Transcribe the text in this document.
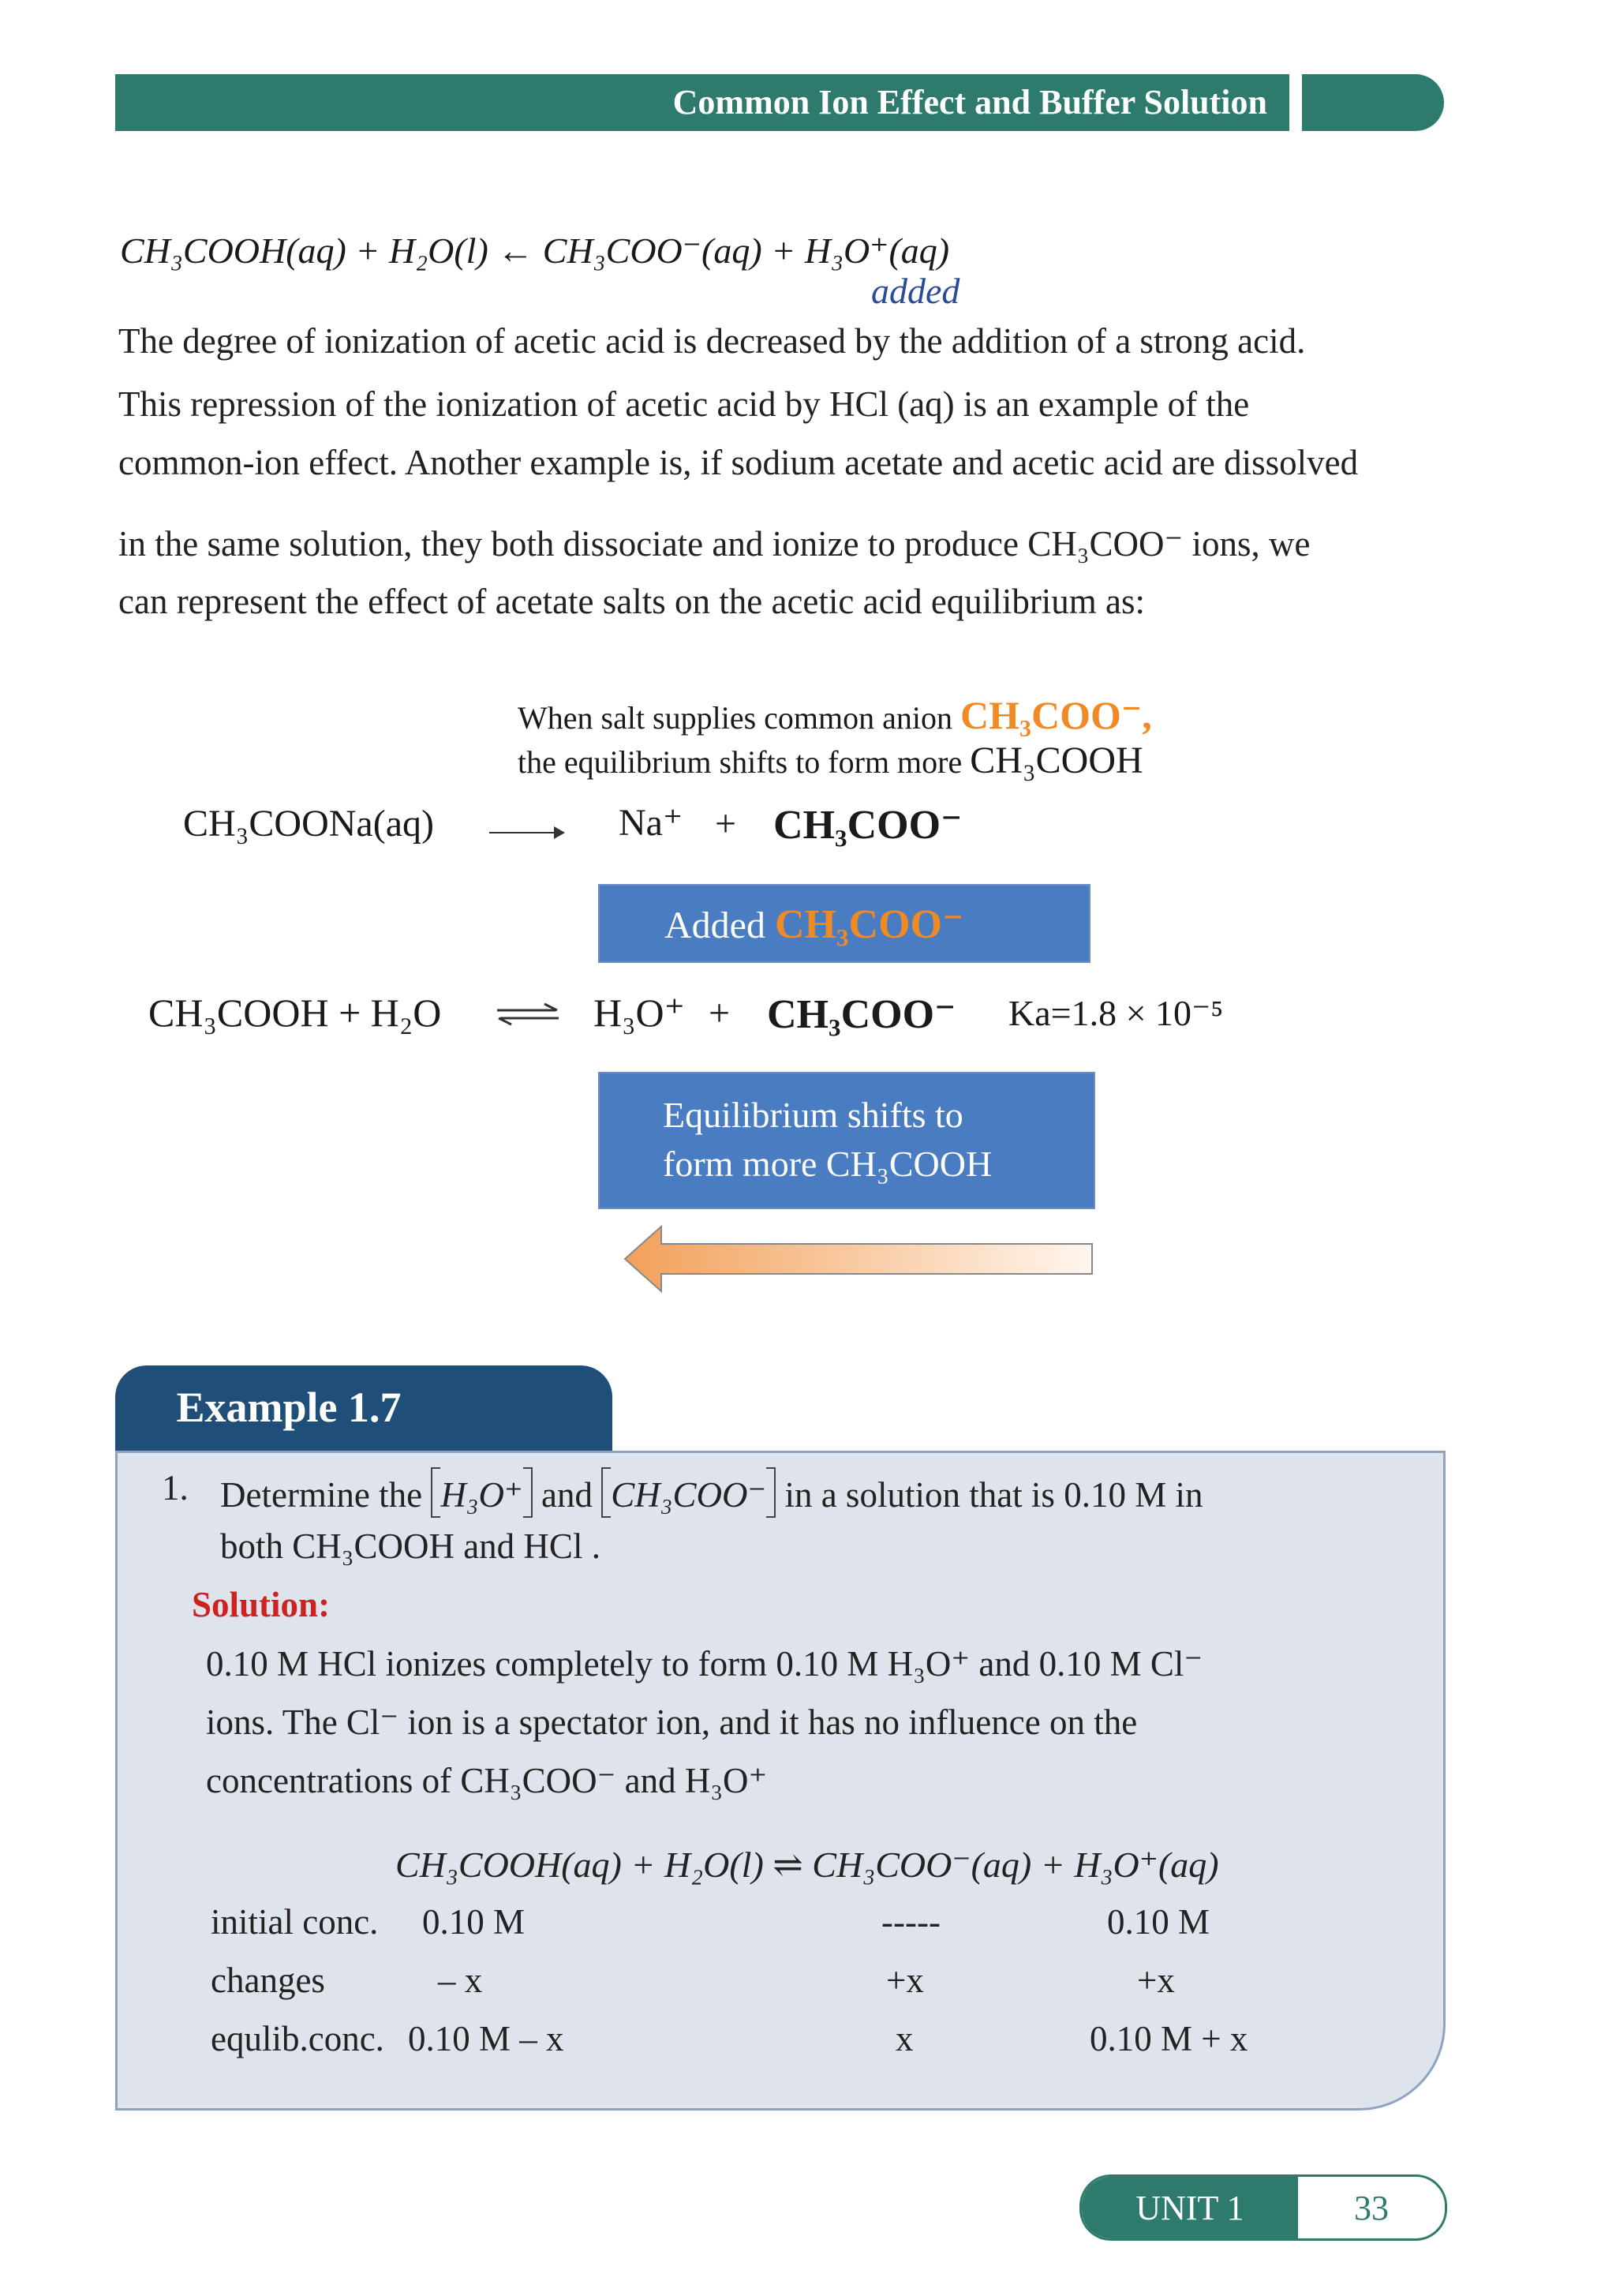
Common Ion Effect and Buffer Solution
CH₃COOH(aq) + H₂O(l) ← CH₃COO⁻(aq) + H₃O⁺(aq)
added
The degree of ionization of acetic acid is decreased by the addition of a strong acid.
This repression of the ionization of acetic acid by HCl (aq) is an example of the
common-ion effect. Another example is, if sodium acetate and acetic acid are dissolved
in the same solution, they both dissociate and ionize to produce CH₃COO⁻ ions, we
can represent the effect of acetate salts on the acetic acid equilibrium as:
When salt supplies common anion CH₃COO⁻,
the equilibrium shifts to form more CH₃COOH
CH₃COONa(aq)	Na⁺ + CH₃COO⁻
Added CH₃COO⁻
CH₃COOH + H₂O	H₃O⁺ + CH₃COO⁻ Ka=1.8 × 10⁻⁵
Equilibrium shifts to
form more CH₃COOH
Example 1.7
1. Determine the H₃O⁺ and CH₃COO⁻ in a solution that is 0.10 M in
both CH₃COOH and HCl .
Solution:
0.10 M HCl ionizes completely to form 0.10 M H₃O⁺ and 0.10 M Cl⁻
ions. The Cl⁻ ion is a spectator ion, and it has no influence on the
concentrations of CH₃COO⁻ and H₃O⁺
CH₃COOH(aq) + H₂O(l) ⇌ CH₃COO⁻(aq) + H₃O⁺(aq)
initial conc. 0.10 M	-----	0.10 M
changes	– x	+x	+x
equlib.conc. 0.10 M – x	x	0.10 M + x
UNIT 1	33
